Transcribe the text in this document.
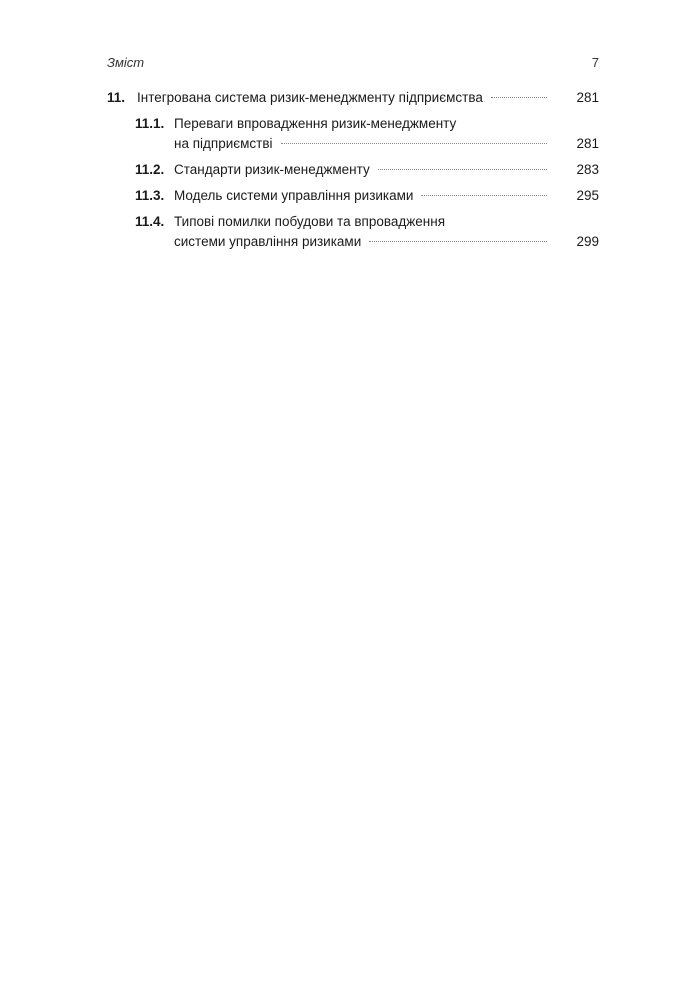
Зміст	7
11. Інтегрована система ризик-менеджменту підприємства	281
11.1. Переваги впровадження ризик-менеджменту
на підприємстві	281
11.2. Стандарти ризик-менеджменту	283
11.3. Модель системи управління ризиками	295
11.4. Типові помилки побудови та впровадження
системи управління ризиками	299
